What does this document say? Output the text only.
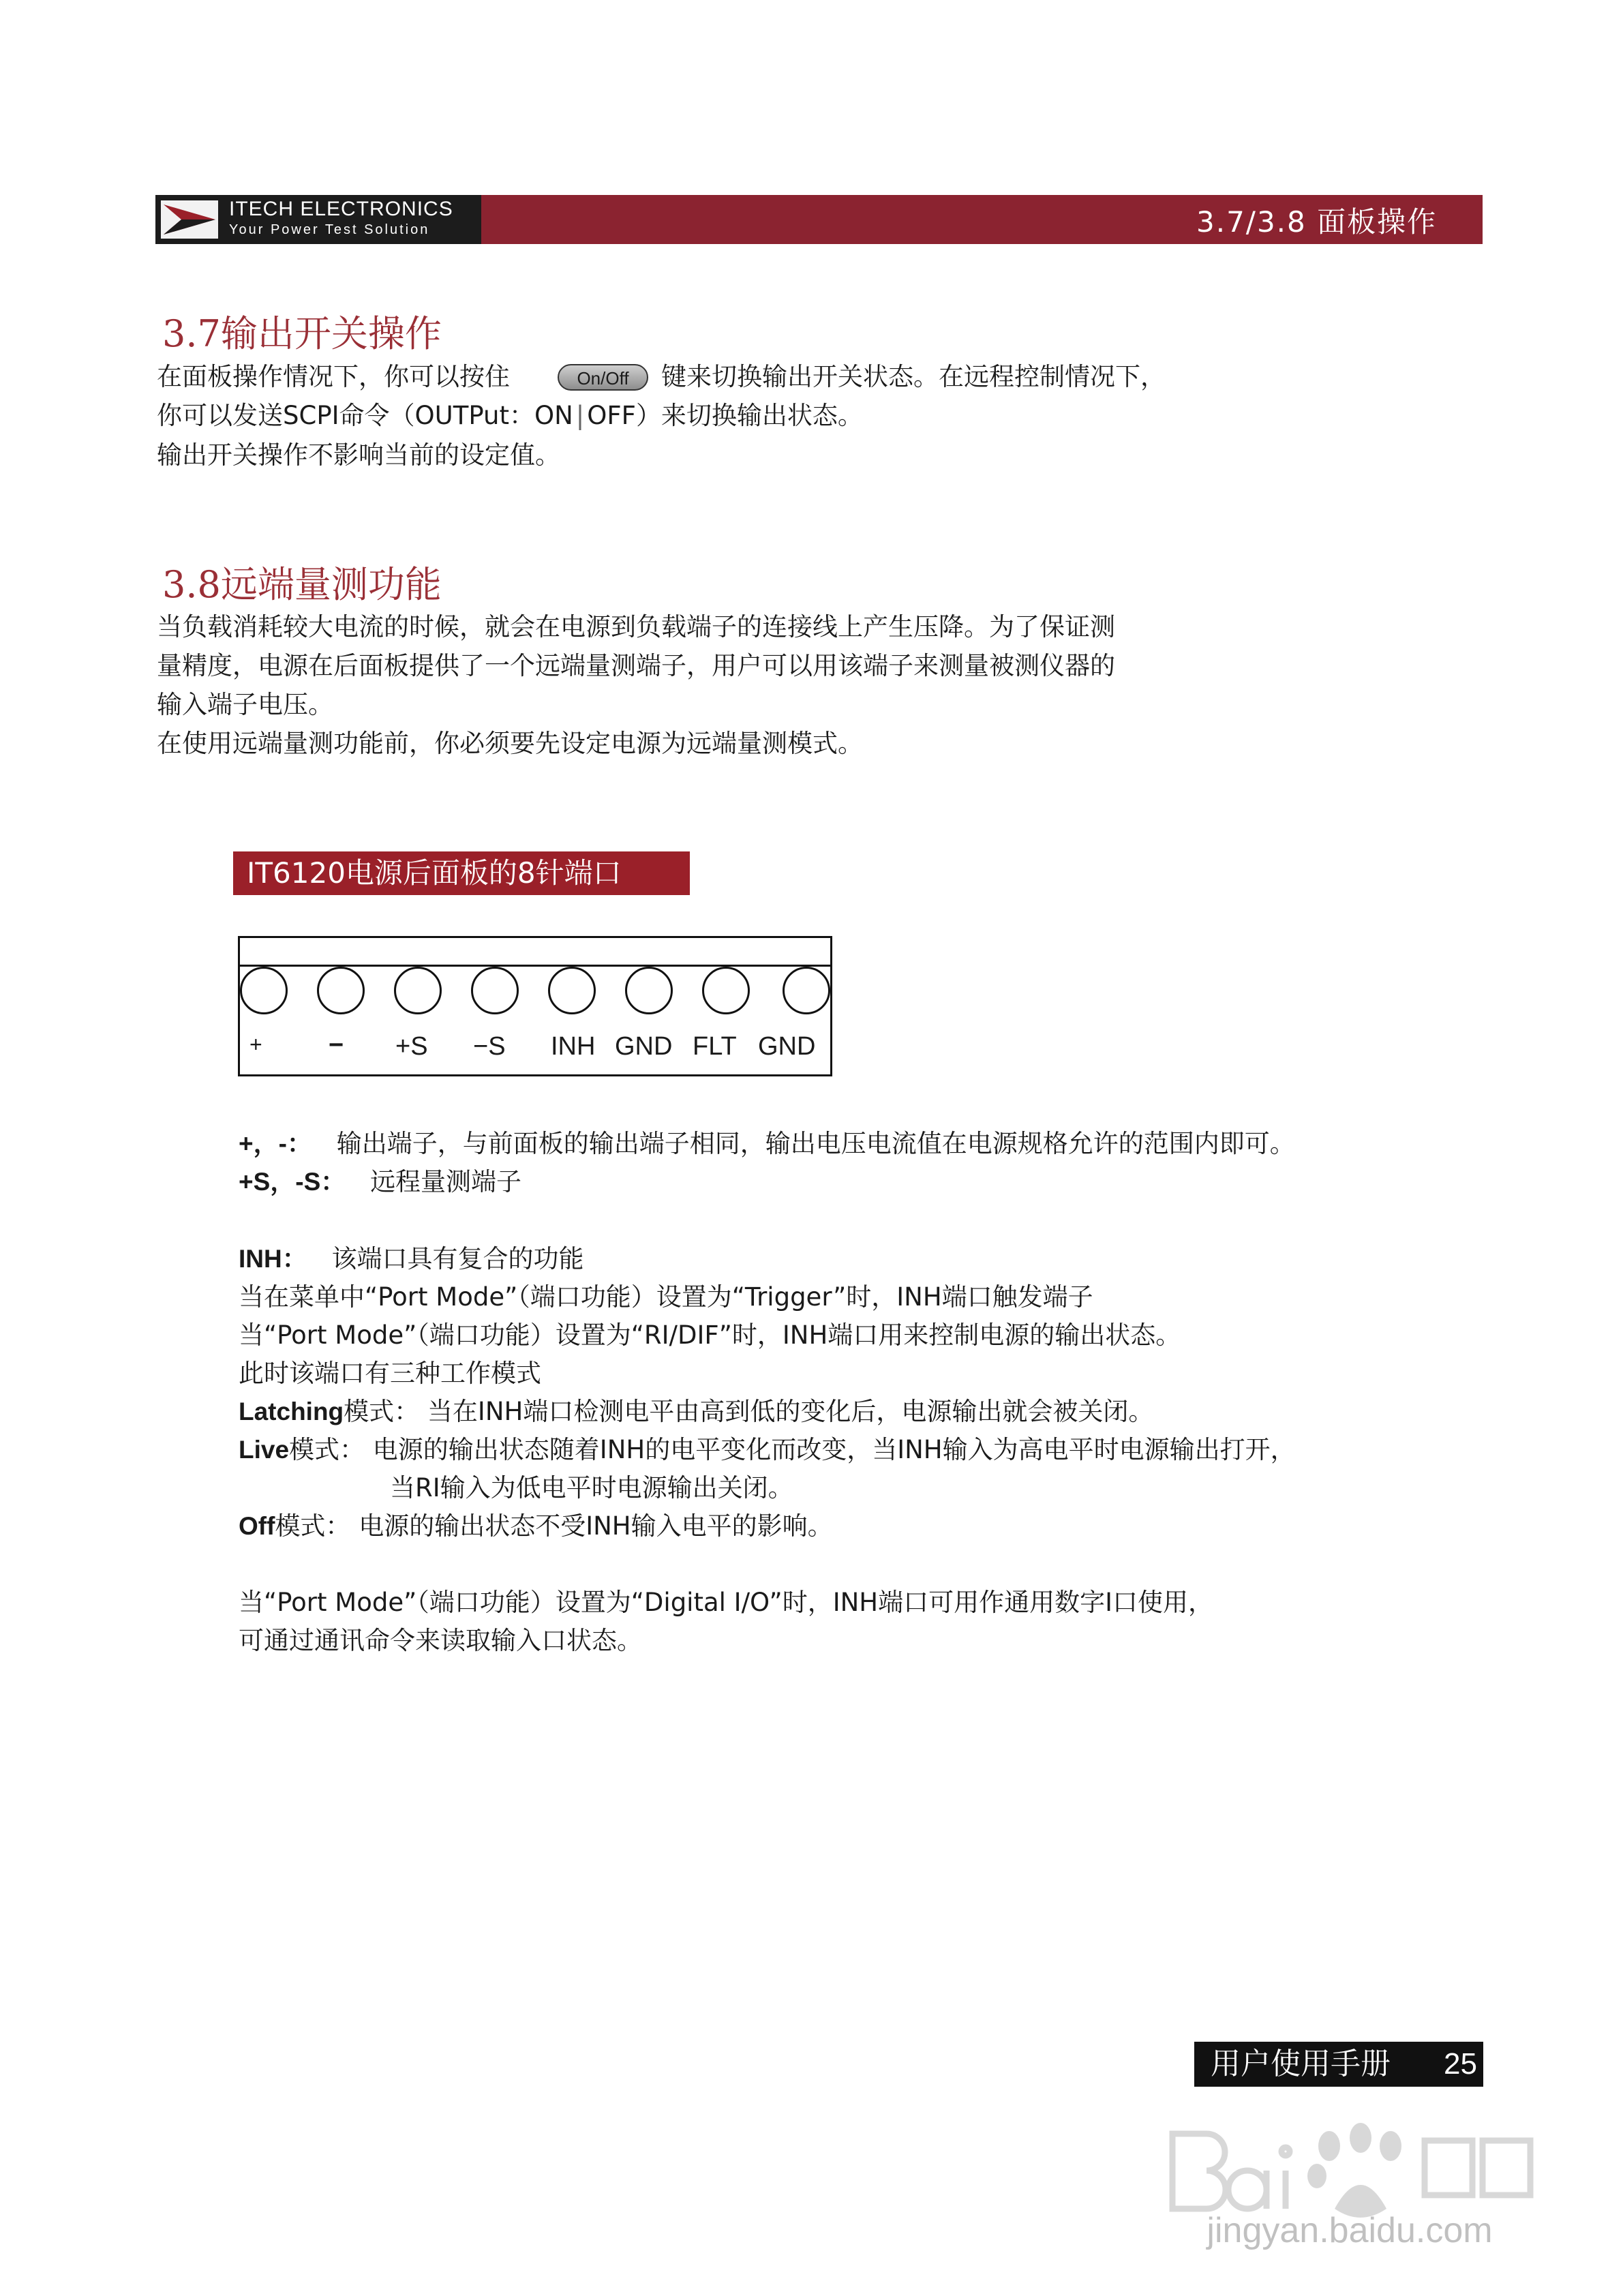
ITECH ELECTRONICS
Your Power Test Solution	3.7/3.8 面板操作
3.7输出开关操作
在面板操作情况下，你可以按住	On/Off	键来切换输出开关状态。在远程控制情况下，
你可以发送SCPI命令（OUTPut：ON | OFF）来切换输出状态。
输出开关操作不影响当前的设定值。
3.8远端量测功能
当负载消耗较大电流的时候，就会在电源到负载端子的连接线上产生压降。为了保证测
量精度，电源在后面板提供了一个远端量测端子，用户可以用该端子来测量被测仪器的
输入端子电压。
在使用远端量测功能前，你必须要先设定电源为远端量测模式。
IT6120电源后面板的8针端口
+	− +S −S INH GND FLT GND
+，-： 输出端子，与前面板的输出端子相同，输出电压电流值在电源规格允许的范围内即可。
+S，-S： 远程量测端子
INH： 该端口具有复合的功能
当在菜单中“Port Mode”（端口功能）设置为“Trigger”时，INH端口触发端子
当“Port Mode”（端口功能）设置为“RI/DIF”时，INH端口用来控制电源的输出状态。
此时该端口有三种工作模式
Latching模式： 当在INH端口检测电平由高到低的变化后，电源输出就会被关闭。
Live模式： 电源的输出状态随着INH的电平变化而改变，当INH输入为高电平时电源输出打开，
当RI输入为低电平时电源输出关闭。
Off模式： 电源的输出状态不受INH输入电平的影响。
当“Port Mode”（端口功能）设置为“Digital I/O”时，INH端口可用作通用数字I口使用，
可通过通讯命令来读取输入口状态。
用户使用手册 25
jingyan.baidu.com
